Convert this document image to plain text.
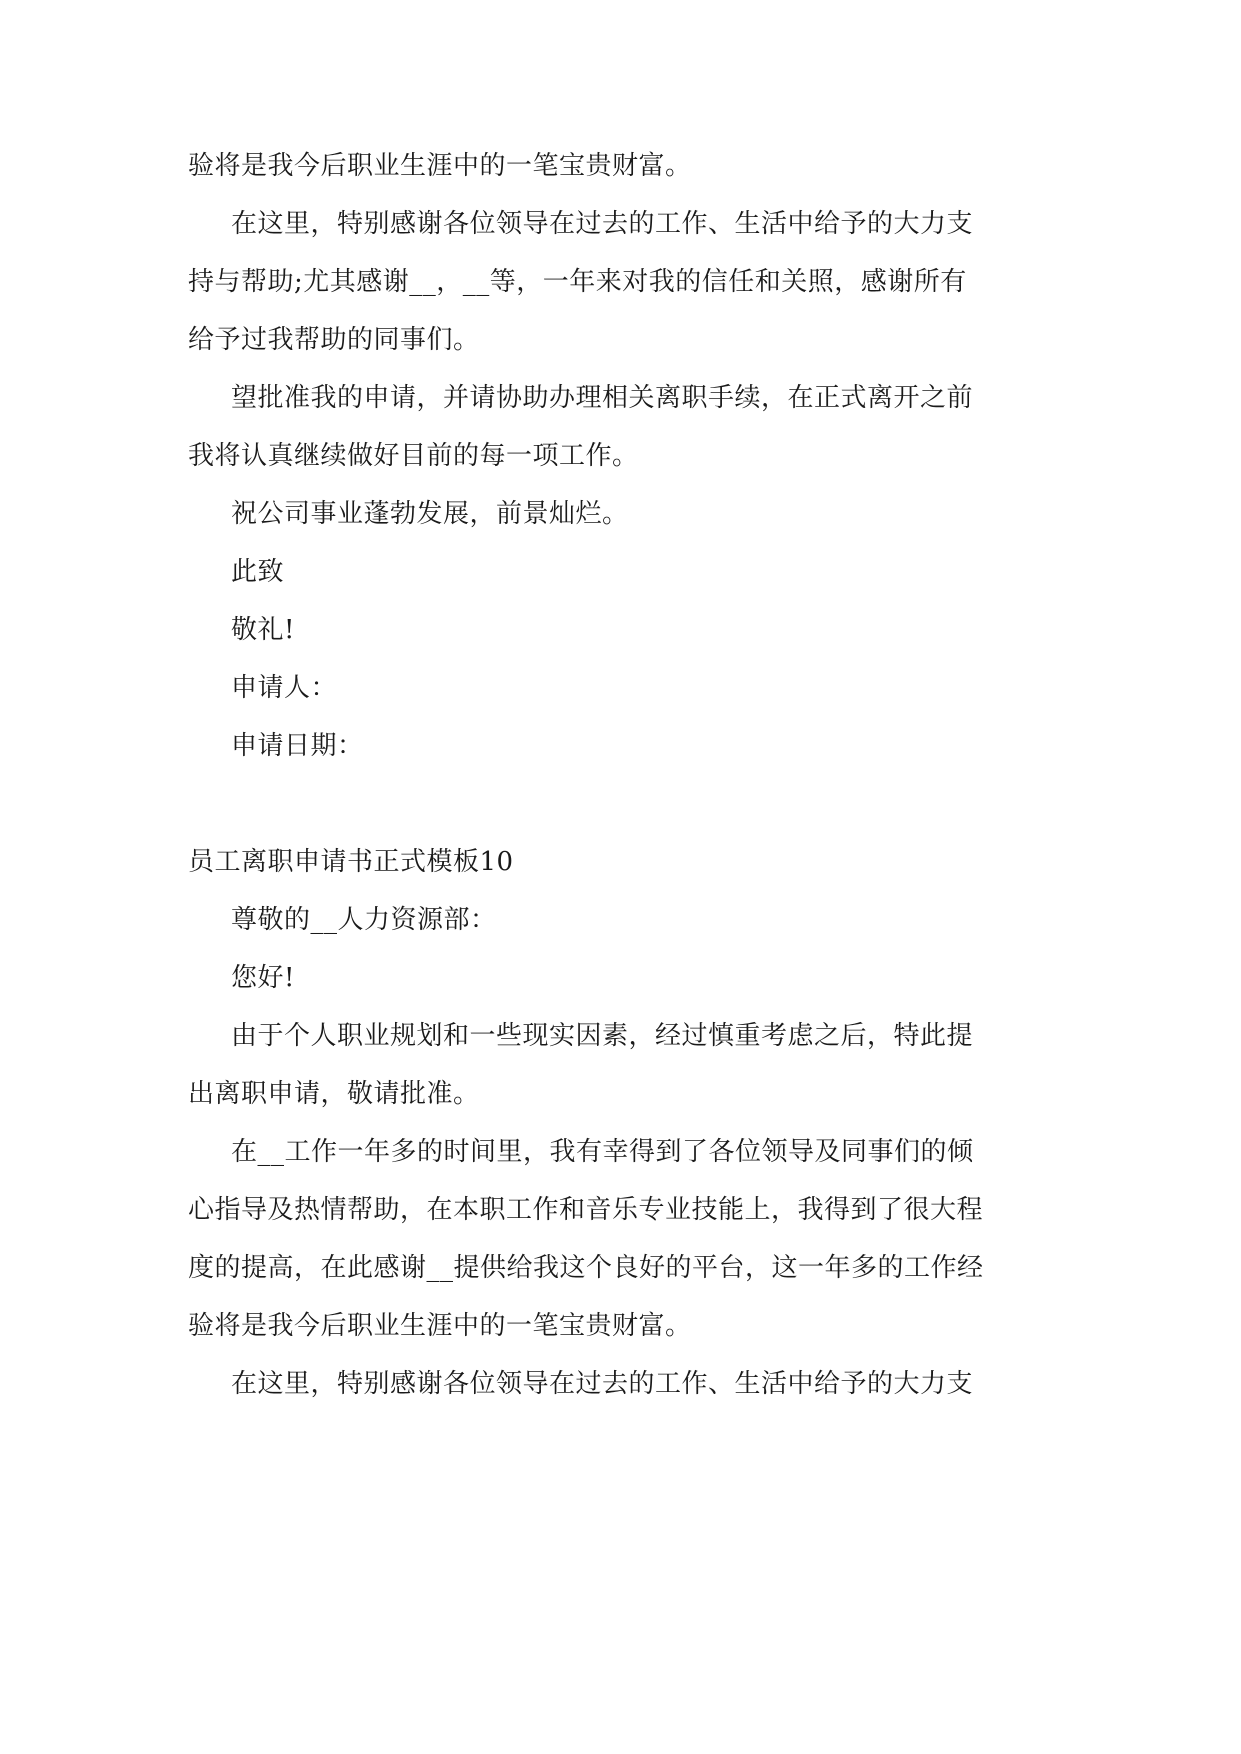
验将是我今后职业生涯中的一笔宝贵财富。
在这里，特别感谢各位领导在过去的工作、生活中给予的大力支
持与帮助;尤其感谢__，__等，一年来对我的信任和关照，感谢所有
给予过我帮助的同事们。
望批准我的申请，并请协助办理相关离职手续，在正式离开之前
我将认真继续做好目前的每一项工作。
祝公司事业蓬勃发展，前景灿烂。
此致
敬礼!
申请人：
申请日期：
员工离职申请书正式模板10
尊敬的__人力资源部：
您好!
由于个人职业规划和一些现实因素，经过慎重考虑之后，特此提
出离职申请，敬请批准。
在__工作一年多的时间里，我有幸得到了各位领导及同事们的倾
心指导及热情帮助，在本职工作和音乐专业技能上，我得到了很大程
度的提高，在此感谢__提供给我这个良好的平台，这一年多的工作经
验将是我今后职业生涯中的一笔宝贵财富。
在这里，特别感谢各位领导在过去的工作、生活中给予的大力支
